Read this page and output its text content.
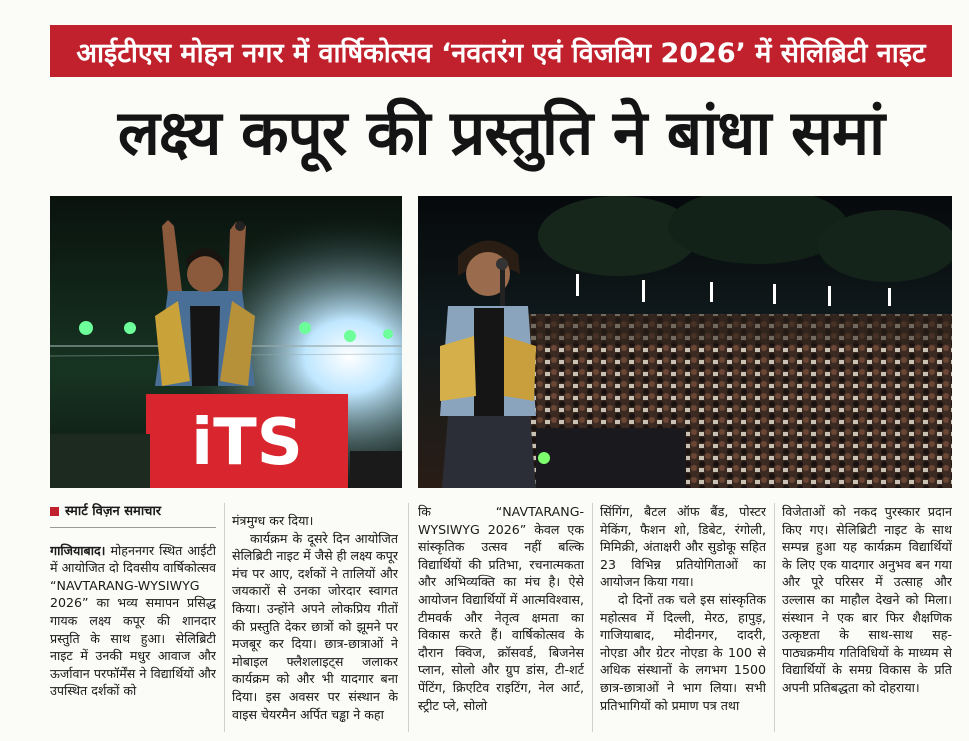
आईटीएस मोहन नगर में वार्षिकोत्सव ‘नवतरंग एवं विजविग 2026’ में सेलिब्रिटी नाइट
लक्ष्य कपूर की प्रस्तुति ने बांधा समां
iTS
स्मार्ट विज़न समाचार

गाजियाबाद। मोहननगर स्थित आईटी में आयोजित दो दिवसीय वार्षिकोत्सव “NAVTARANG-WYSIWYG 2026” का भव्य समापन प्रसिद्ध गायक लक्ष्य कपूर की शानदार प्रस्तुति के साथ हुआ। सेलिब्रिटी नाइट में उनकी मधुर आवाज और ऊर्जावान परफॉर्मेंस ने विद्यार्थियों और उपस्थित दर्शकों को

मंत्रमुग्ध कर दिया।

कार्यक्रम के दूसरे दिन आयोजित सेलिब्रिटी नाइट में जैसे ही लक्ष्य कपूर मंच पर आए, दर्शकों ने तालियों और जयकारों से उनका जोरदार स्वागत किया। उन्होंने अपने लोकप्रिय गीतों की प्रस्तुति देकर छात्रों को झूमने पर मजबूर कर दिया। छात्र-छात्राओं ने मोबाइल फ्लैशलाइट्स जलाकर कार्यक्रम को और भी यादगार बना दिया। इस अवसर पर संस्थान के वाइस चेयरमैन अर्पित चड्ढा ने कहा

कि “NAVTARANG-WYSIWYG 2026” केवल एक सांस्कृतिक उत्सव नहीं बल्कि विद्यार्थियों की प्रतिभा, रचनात्मकता और अभिव्यक्ति का मंच है। ऐसे आयोजन विद्यार्थियों में आत्मविश्वास, टीमवर्क और नेतृत्व क्षमता का विकास करते हैं। वार्षिकोत्सव के दौरान क्विज, क्रॉसवर्ड, बिजनेस प्लान, सोलो और ग्रुप डांस, टी-शर्ट पेंटिंग, क्रिएटिव राइटिंग, नेल आर्ट, स्ट्रीट प्ले, सोलो

सिंगिंग, बैटल ऑफ बैंड, पोस्टर मेकिंग, फैशन शो, डिबेट, रंगोली, मिमिक्री, अंताक्षरी और सुडोकू सहित 23 विभिन्न प्रतियोगिताओं का आयोजन किया गया।

दो दिनों तक चले इस सांस्कृतिक महोत्सव में दिल्ली, मेरठ, हापुड़, गाजियाबाद, मोदीनगर, दादरी, नोएडा और ग्रेटर नोएडा के 100 से अधिक संस्थानों के लगभग 1500 छात्र-छात्राओं ने भाग लिया। सभी प्रतिभागियों को प्रमाण पत्र तथा

विजेताओं को नकद पुरस्कार प्रदान किए गए। सेलिब्रिटी नाइट के साथ सम्पन्न हुआ यह कार्यक्रम विद्यार्थियों के लिए एक यादगार अनुभव बन गया और पूरे परिसर में उत्साह और उल्लास का माहौल देखने को मिला। संस्थान ने एक बार फिर शैक्षणिक उत्कृष्टता के साथ-साथ सह-पाठ्यक्रमीय गतिविधियों के माध्यम से विद्यार्थियों के समग्र विकास के प्रति अपनी प्रतिबद्धता को दोहराया।
